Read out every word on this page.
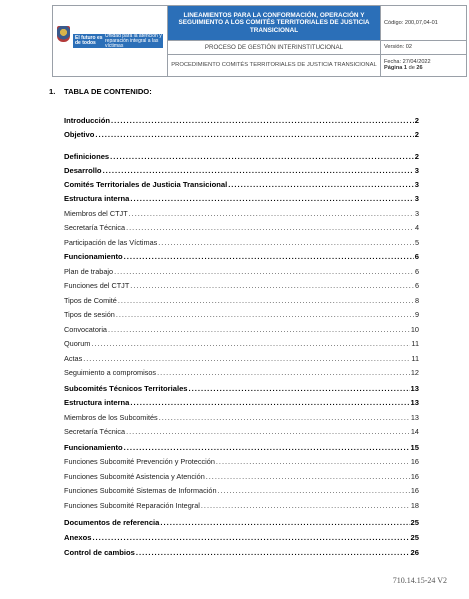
El futuro es de todos
Unidad para la atención y reparación integral a las víctimas	LINEAMIENTOS PARA LA CONFORMACIÓN, OPERACIÓN Y SEGUIMIENTO A LOS COMITÉS TERRITORIALES DE JUSTICIA TRANSICIONAL	Código: 200,07,04-01
	PROCESO DE GESTIÓN INTERINSTITUCIONAL	Versión: 02
	PROCEDIMIENTO COMITÉS TERRITORIALES DE JUSTICIA TRANSICIONAL	Fecha: 27/04/2022
Página 1 de 26
1. TABLA DE CONTENIDO:
Introducción .....	2
Objetivo .....	2
Definiciones .....	2
Desarrollo .....	3
Comités Territoriales de Justicia Transicional .....	3
Estructura interna .....	3
Miembros del CTJT .....	3
Secretaría Técnica .....	4
Participación de las Víctimas .....	5
Funcionamiento .....	6
Plan de trabajo .....	6
Funciones del CTJT .....	6
Tipos de Comité .....	8
Tipos de sesión .....	9
Convocatoria .....	10
Quorum .....	11
Actas .....	11
Seguimiento a compromisos .....	12
Subcomités Técnicos Territoriales .....	13
Estructura interna .....	13
Miembros de los Subcomités .....	13
Secretaría Técnica .....	14
Funcionamiento .....	15
Funciones Subcomité Prevención y Protección .....	16
Funciones Subcomité Asistencia y Atención .....	16
Funciones Subcomité Sistemas de Información .....	16
Funciones Subcomité Reparación Integral .....	18
Documentos de referencia .....	25
Anexos .....	25
Control de cambios .....	26
710.14.15-24 V2
